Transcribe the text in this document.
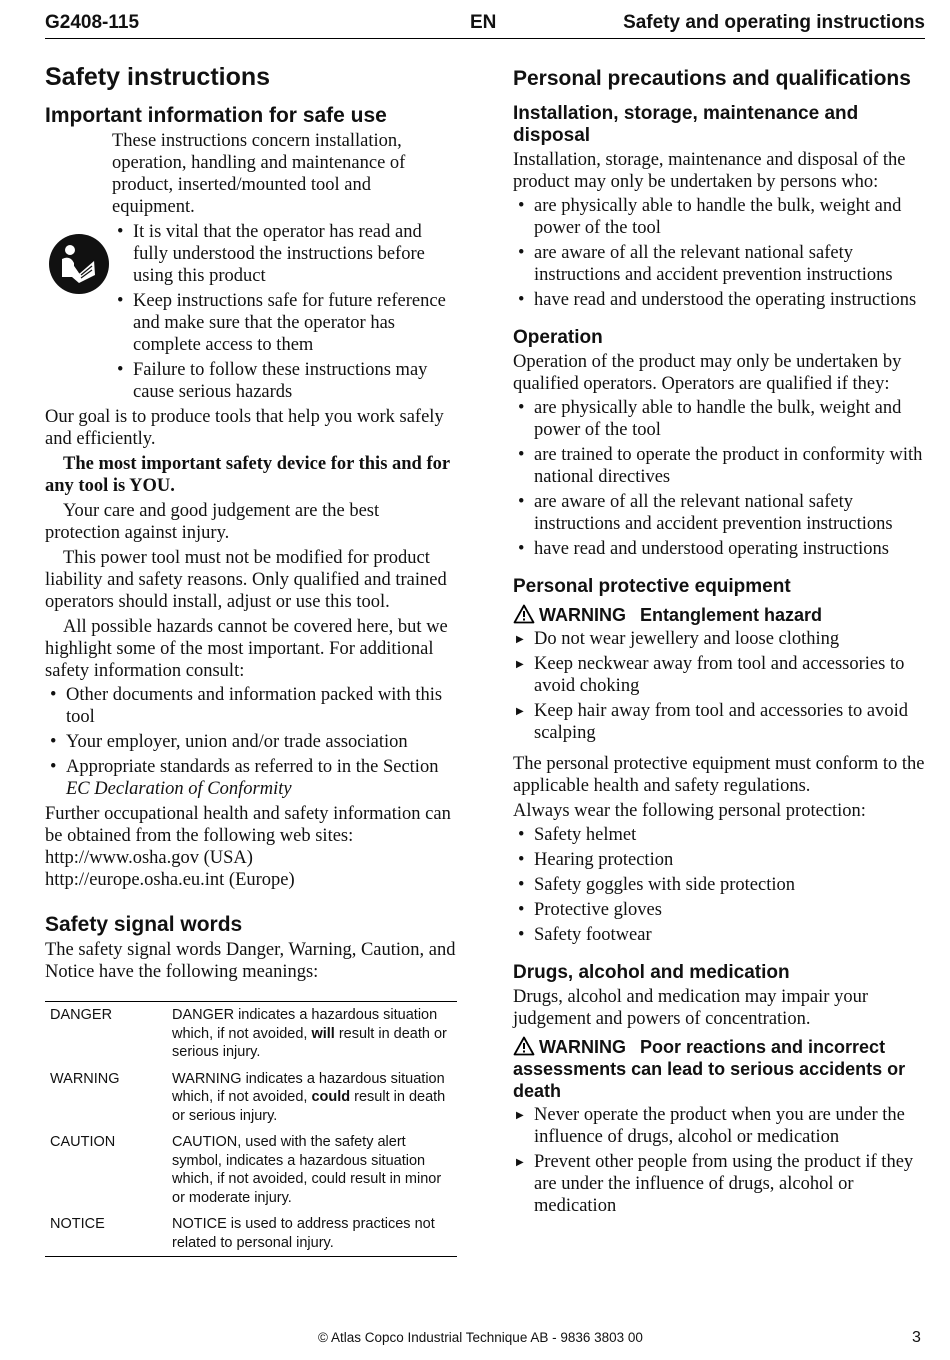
G2408-115	EN	Safety and operating instructions
Safety instructions
Important information for safe use

These instructions concern installation, operation, handling and maintenance of product, inserted/mounted tool and equipment.

• It is vital that the operator has read and fully understood the instructions before using this product
• Keep instructions safe for future reference and make sure that the operator has complete access to them
• Failure to follow these instructions may cause serious hazards

Our goal is to produce tools that help you work safely and efficiently.

The most important safety device for this and for any tool is YOU.

Your care and good judgement are the best protection against injury.

This power tool must not be modified for product liability and safety reasons. Only qualified and trained operators should install, adjust or use this tool.

All possible hazards cannot be covered here, but we highlight some of the most important. For additional safety information consult:

• Other documents and information packed with this tool
• Your employer, union and/or trade association
• Appropriate standards as referred to in the Section EC Declaration of Conformity

Further occupational health and safety information can be obtained from the following web sites:

http://www.osha.gov (USA)

http://europe.osha.eu.int (Europe)

Safety signal words

The safety signal words Danger, Warning, Caution, and Notice have the following meanings:

DANGER	DANGER indicates a hazardous situation which, if not avoided, will result in death or serious injury.
WARNING	WARNING indicates a hazardous situation which, if not avoided, could result in death or serious injury.
CAUTION	CAUTION, used with the safety alert symbol, indicates a hazardous situation which, if not avoided, could result in minor or moderate injury.
NOTICE	NOTICE is used to address practices not related to personal injury.
Personal precautions and qualifications
Installation, storage, maintenance and disposal

Installation, storage, maintenance and disposal of the product may only be undertaken by persons who:

• are physically able to handle the bulk, weight and power of the tool
• are aware of all the relevant national safety instructions and accident prevention instructions
• have read and understood the operating instructions
Operation

Operation of the product may only be undertaken by qualified operators. Operators are qualified if they:

• are physically able to handle the bulk, weight and power of the tool
• are trained to operate the product in conformity with national directives
• are aware of all the relevant national safety instructions and accident prevention instructions
• have read and understood operating instructions
Personal protective equipment

WARNING Entanglement hazard

▶ Do not wear jewellery and loose clothing
▶ Keep neckwear away from tool and accessories to avoid choking
▶ Keep hair away from tool and accessories to avoid scalping

The personal protective equipment must conform to the applicable health and safety regulations.

Always wear the following personal protection:

• Safety helmet
• Hearing protection
• Safety goggles with side protection
• Protective gloves
• Safety footwear
Drugs, alcohol and medication

Drugs, alcohol and medication may impair your judgement and powers of concentration.

WARNING Poor reactions and incorrect assessments can lead to serious accidents or death

▶ Never operate the product when you are under the influence of drugs, alcohol or medication
▶ Prevent other people from using the product if they are under the influence of drugs, alcohol or medication
© Atlas Copco Industrial Technique AB - 9836 3803 00	3
